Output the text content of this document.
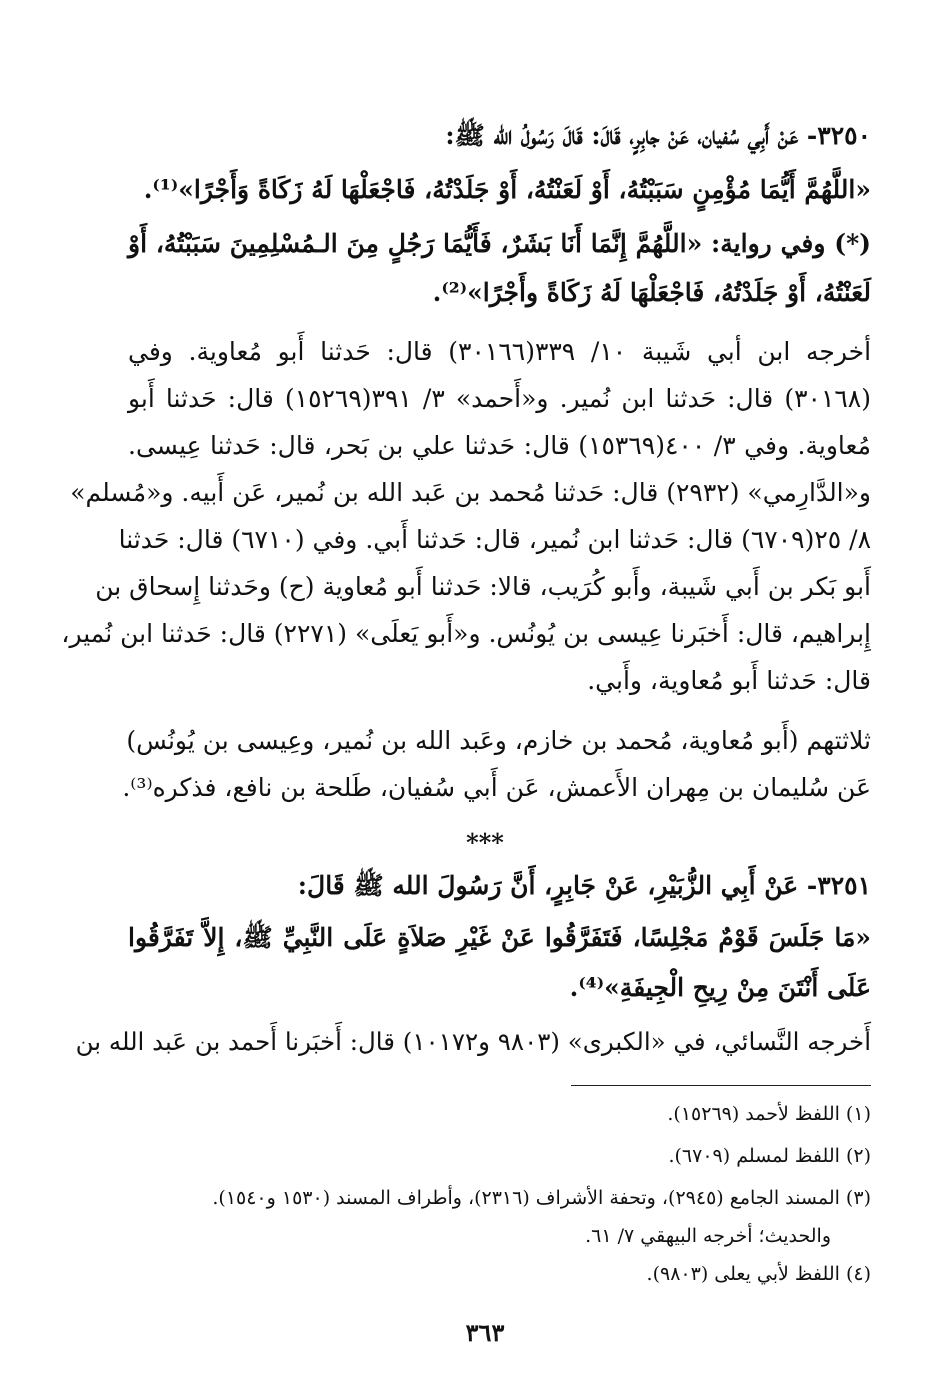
٣٢٥٠- عَنْ أَبِي سُفيان، عَنْ جابِرٍ، قَالَ: قَالَ رَسُولُ الله ﷺ:
«اللَّهُمَّ أَيُّمَا مُؤْمِنٍ سَبَبْتُهُ، أَوْ لَعَنْتُهُ، أَوْ جَلَدْتُهُ، فَاجْعَلْهَا لَهُ زَكَاةً وَأَجْرًا»⁽¹⁾.
(*) وفي رواية: «اللَّهُمَّ إِنَّمَا أَنَا بَشَرٌ، فَأَيُّمَا رَجُلٍ مِنَ الـمُسْلِمِينَ سَبَبْتُهُ، أَوْ
لَعَنْتُهُ، أَوْ جَلَدْتُهُ، فَاجْعَلْهَا لَهُ زَكَاةً وأَجْرًا»⁽²⁾.
أخرجه ابن أبي شَيبة ١٠/ ٣٣٩(٣٠١٦٦) قال: حَدثنا أَبو مُعاوية. وفي
(٣٠١٦٨) قال: حَدثنا ابن نُمير. و«أَحمد» ٣/ ٣٩١(١٥٢٦٩) قال: حَدثنا أَبو
مُعاوية. وفي ٣/ ٤٠٠(١٥٣٦٩) قال: حَدثنا علي بن بَحر، قال: حَدثنا عِيسى.
و«الدَّارِمي» (٢٩٣٢) قال: حَدثنا مُحمد بن عَبد الله بن نُمير، عَن أَبيه. و«مُسلم»
٨/ ٢٥(٦٧٠٩) قال: حَدثنا ابن نُمير، قال: حَدثنا أَبي. وفي (٦٧١٠) قال: حَدثنا
أَبو بَكر بن أَبي شَيبة، وأَبو كُرَيب، قالا: حَدثنا أَبو مُعاوية (ح) وحَدثنا إِسحاق بن
إِبراهيم، قال: أَخبَرنا عِيسى بن يُونُس. و«أَبو يَعلَى» (٢٢٧١) قال: حَدثنا ابن نُمير،
قال: حَدثنا أَبو مُعاوية، وأَبي.
ثلاثتهم (أَبو مُعاوية، مُحمد بن خازم، وعَبد الله بن نُمير، وعِيسى بن يُونُس)
عَن سُليمان بن مِهران الأَعمش، عَن أَبي سُفيان، طَلحة بن نافع، فذكره⁽³⁾.
***
٣٢٥١- عَنْ أَبِي الزُّبَيْرِ، عَنْ جَابِرٍ، أَنَّ رَسُولَ الله ﷺ قَالَ:
«مَا جَلَسَ قَوْمٌ مَجْلِسًا، فَتَفَرَّقُوا عَنْ غَيْرِ صَلاَةٍ عَلَى النَّبِيِّ ﷺ، إِلاَّ تَفَرَّقُوا
عَلَى أَنْتَنَ مِنْ رِيحِ الْجِيفَةِ»⁽⁴⁾.
أَخرجه النَّسائي، في «الكبرى» (٩٨٠٣ و١٠١٧٢) قال: أَخبَرنا أَحمد بن عَبد الله بن
(١) اللفظ لأحمد (١٥٢٦٩).
(٢) اللفظ لمسلم (٦٧٠٩).
(٣) المسند الجامع (٢٩٤٥)، وتحفة الأشراف (٢٣١٦)، وأطراف المسند (١٥٣٠ و١٥٤٠).
والحديث؛ أخرجه البيهقي ٧/ ٦١.
(٤) اللفظ لأبي يعلى (٩٨٠٣).
٣٦٣
